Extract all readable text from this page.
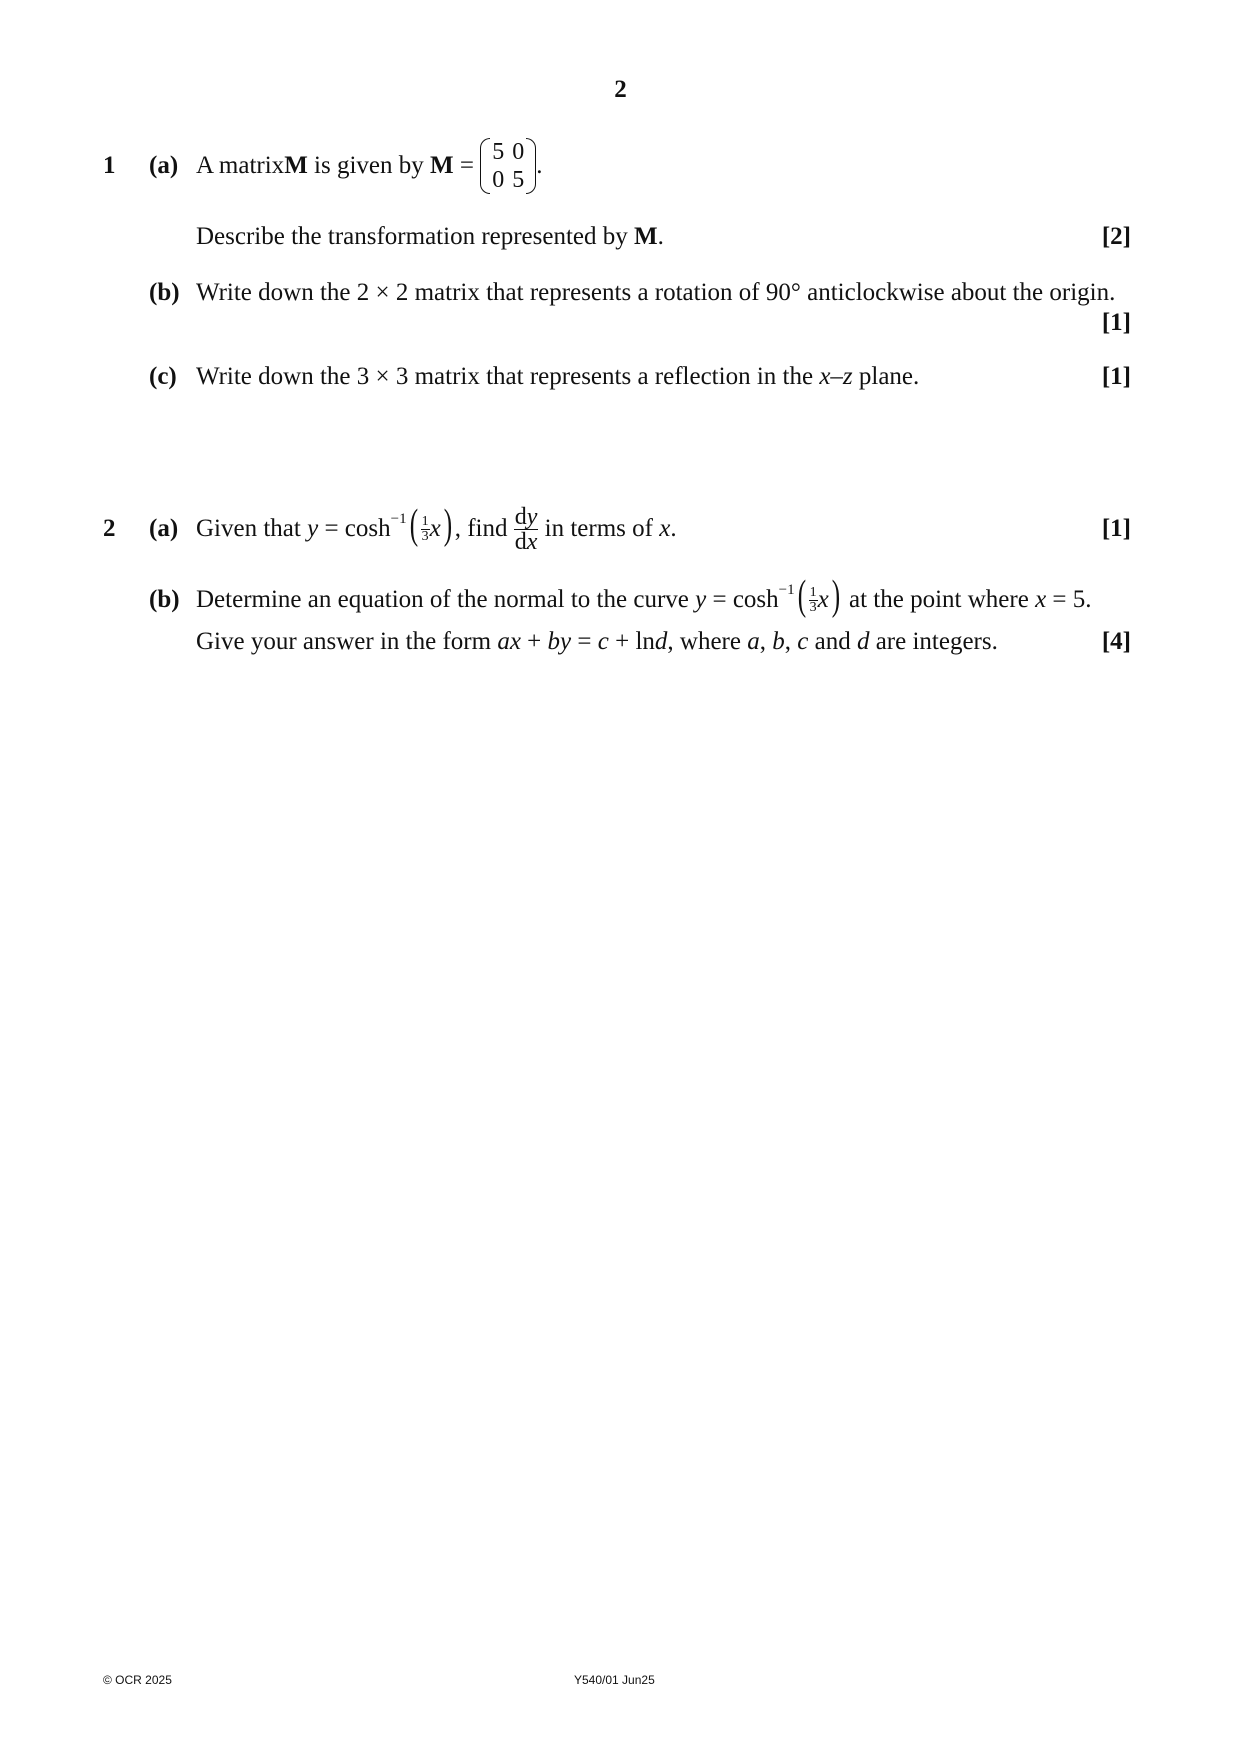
2
1 (a) A matrix M is given by M = 5	0
0	5
.
Describe the transformation represented by M.	[2]
(b) Write down the 2 × 2 matrix that represents a rotation of 90° anticlockwise about the origin.
[1]
(c) Write down the 3 × 3 matrix that represents a reflection in the x–z plane.	[1]
2 (a) Given that y = cosh −1 ( $\frac{1}{3}$ x ) , find $\frac{dy}{dx}$ in terms of x .	[1]
(b) Determine an equation of the normal to the curve y = cosh −1 ( $\frac{1}{3}$ x ) at the point where x = 5.
Give your answer in the form ax + by = c + lnd, where a, b, c and d are integers.	[4]
© OCR 2025	Y540/01 Jun25
